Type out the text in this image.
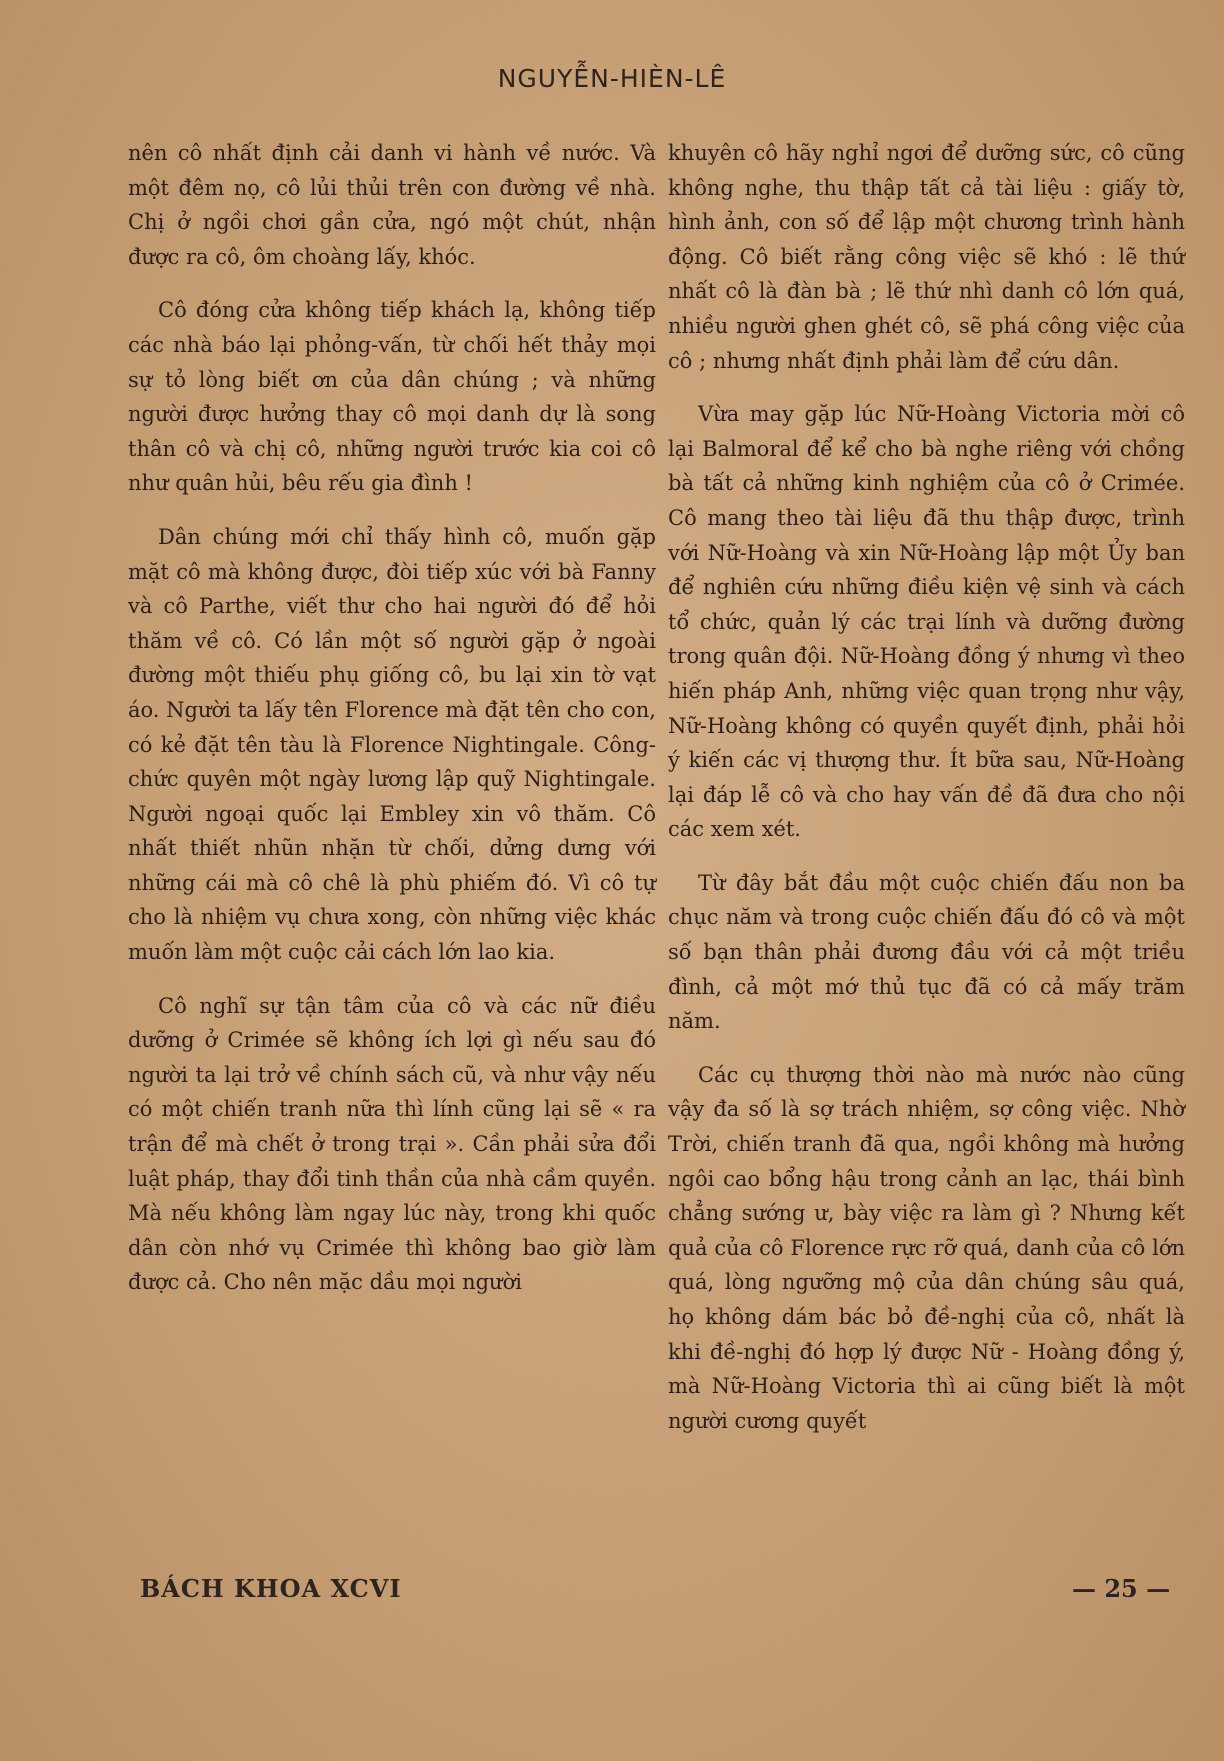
NGUYỄN-HIÈN-LÊ

nên cô nhất định cải danh vi hành về nước. Và một đêm nọ, cô lủi thủi trên con đường về nhà. Chị ở ngồi chơi gần cửa, ngó một chút, nhận được ra cô, ôm choàng lấy, khóc.

Cô đóng cửa không tiếp khách lạ, không tiếp các nhà báo lại phỏng-vấn, từ chối hết thảy mọi sự tỏ lòng biết ơn của dân chúng ; và những người được hưởng thay cô mọi danh dự là song thân cô và chị cô, những người trước kia coi cô như quân hủi, bêu rếu gia đình !

Dân chúng mới chỉ thấy hình cô, muốn gặp mặt cô mà không được, đòi tiếp xúc với bà Fanny và cô Parthe, viết thư cho hai người đó để hỏi thăm về cô. Có lần một số người gặp ở ngoài đường một thiếu phụ giống cô, bu lại xin tờ vạt áo. Người ta lấy tên Florence mà đặt tên cho con, có kẻ đặt tên tàu là Florence Nightingale. Công-chức quyên một ngày lương lập quỹ Nightingale. Người ngoại quốc lại Embley xin vô thăm. Cô nhất thiết nhũn nhặn từ chối, dửng dưng với những cái mà cô chê là phù phiếm đó. Vì cô tự cho là nhiệm vụ chưa xong, còn những việc khác muốn làm một cuộc cải cách lớn lao kia.

Cô nghĩ sự tận tâm của cô và các nữ điều dưỡng ở Crimée sẽ không ích lợi gì nếu sau đó người ta lại trở về chính sách cũ, và như vậy nếu có một chiến tranh nữa thì lính cũng lại sẽ « ra trận để mà chết ở trong trại ». Cần phải sửa đổi luật pháp, thay đổi tinh thần của nhà cầm quyền. Mà nếu không làm ngay lúc này, trong khi quốc dân còn nhớ vụ Crimée thì không bao giờ làm được cả. Cho nên mặc dầu mọi người

khuyên cô hãy nghỉ ngơi để dưỡng sức, cô cũng không nghe, thu thập tất cả tài liệu : giấy tờ, hình ảnh, con số để lập một chương trình hành động. Cô biết rằng công việc sẽ khó : lẽ thứ nhất cô là đàn bà ; lẽ thứ nhì danh cô lớn quá, nhiều người ghen ghét cô, sẽ phá công việc của cô ; nhưng nhất định phải làm để cứu dân.

Vừa may gặp lúc Nữ-Hoàng Victoria mời cô lại Balmoral để kể cho bà nghe riêng với chồng bà tất cả những kinh nghiệm của cô ở Crimée. Cô mang theo tài liệu đã thu thập được, trình với Nữ-Hoàng và xin Nữ-Hoàng lập một Ủy ban để nghiên cứu những điều kiện vệ sinh và cách tổ chức, quản lý các trại lính và dưỡng đường trong quân đội. Nữ-Hoàng đồng ý nhưng vì theo hiến pháp Anh, những việc quan trọng như vậy, Nữ-Hoàng không có quyền quyết định, phải hỏi ý kiến các vị thượng thư. Ít bữa sau, Nữ-Hoàng lại đáp lễ cô và cho hay vấn đề đã đưa cho nội các xem xét.

Từ đây bắt đầu một cuộc chiến đấu non ba chục năm và trong cuộc chiến đấu đó cô và một số bạn thân phải đương đầu với cả một triều đình, cả một mớ thủ tục đã có cả mấy trăm năm.

Các cụ thượng thời nào mà nước nào cũng vậy đa số là sợ trách nhiệm, sợ công việc. Nhờ Trời, chiến tranh đã qua, ngồi không mà hưởng ngôi cao bổng hậu trong cảnh an lạc, thái bình chẳng sướng ư, bày việc ra làm gì ? Nhưng kết quả của cô Florence rực rỡ quá, danh của cô lớn quá, lòng ngưỡng mộ của dân chúng sâu quá, họ không dám bác bỏ đề-nghị của cô, nhất là khi đề-nghị đó hợp lý được Nữ - Hoàng đồng ý, mà Nữ-Hoàng Victoria thì ai cũng biết là một người cương quyết

BÁCH KHOA XCVI	— 25 —
